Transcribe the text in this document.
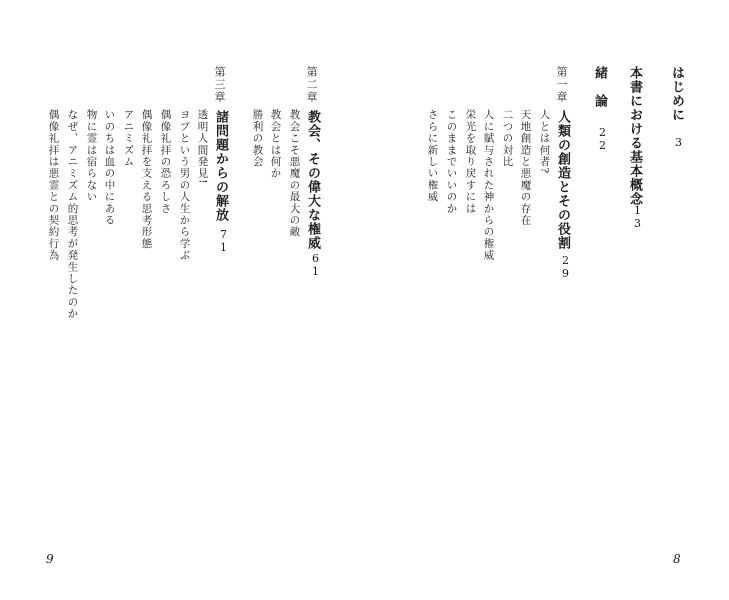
はじめに
3
本書における基本概念
13
緒　論
22
第一章
人類の創造とその役割
29
人とは何者?
天地創造と悪魔の存在
二つの対比
人に賦与された神からの権威
栄光を取り戻すには
このままでいいのか
さらに新しい権威
第二章
教会、その偉大な権威
61
教会こそ悪魔の最大の敵
教会とは何か
勝利の教会
第三章
諸問題からの解放
71
透明人間発見!
ヨブという男の人生から学ぶ
偶像礼拝の恐ろしさ
偶像礼拝を支える思考形態
アニミズム
いのちは血の中にある
物に霊は宿らない
なぜ、アニミズム的思考が発生したのか
偶像礼拝は悪霊との契約行為
9	8
